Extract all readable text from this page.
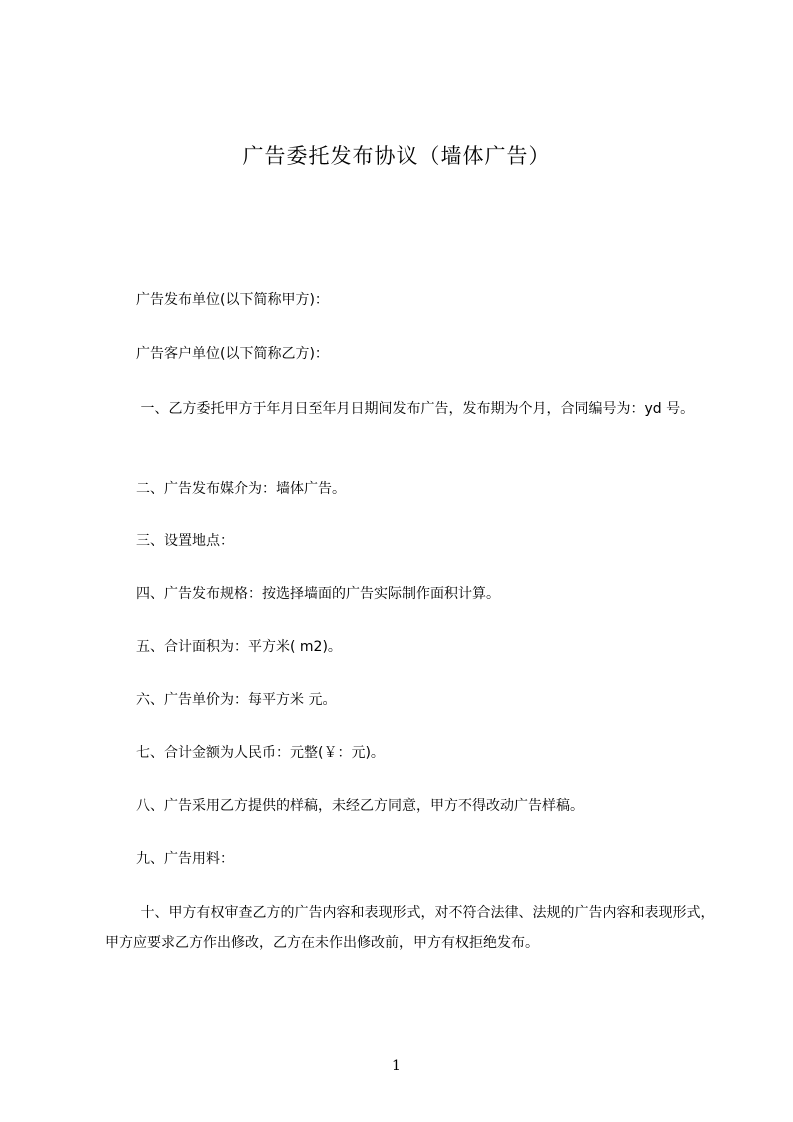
广告委托发布协议（墙体广告）
广告发布单位(以下简称甲方)：
广告客户单位(以下简称乙方)：
一、乙方委托甲方于年月日至年月日期间发布广告，发布期为个月，合同编号为：yd 号。
二、广告发布媒介为：墙体广告。
三、设置地点：
四、广告发布规格：按选择墙面的广告实际制作面积计算。
五、合计面积为：平方米( m2)。
六、广告单价为：每平方米 元。
七、合计金额为人民币：元整(￥：元)。
八、广告采用乙方提供的样稿，未经乙方同意，甲方不得改动广告样稿。
九、广告用料：
十、甲方有权审查乙方的广告内容和表现形式，对不符合法律、法规的广告内容和表现形式，甲方应要求乙方作出修改，乙方在未作出修改前，甲方有权拒绝发布。
1
